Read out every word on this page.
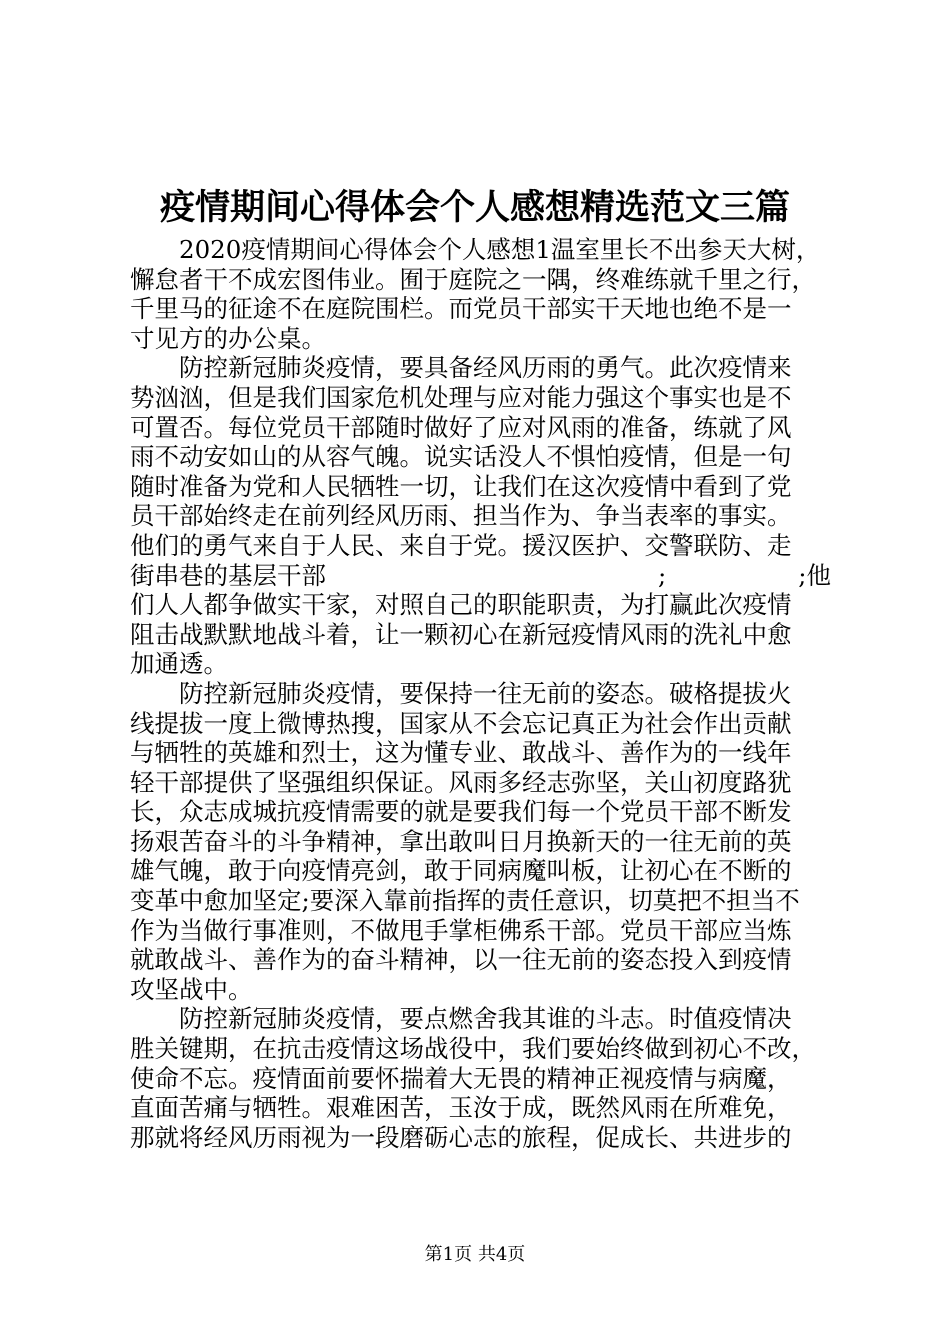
疫情期间心得体会个人感想精选范文三篇
2020疫情期间心得体会个人感想1温室里长不出参天大树，
懈怠者干不成宏图伟业。囿于庭院之一隅，终难练就千里之行，
千里马的征途不在庭院围栏。而党员干部实干天地也绝不是一
寸见方的办公桌。
防控新冠肺炎疫情，要具备经风历雨的勇气。此次疫情来
势汹汹，但是我们国家危机处理与应对能力强这个事实也是不
可置否。每位党员干部随时做好了应对风雨的准备，练就了风
雨不动安如山的从容气魄。说实话没人不惧怕疫情，但是一句
随时准备为党和人民牺牲一切，让我们在这次疫情中看到了党
员干部始终走在前列经风历雨、担当作为、争当表率的事实。
他们的勇气来自于人民、来自于党。援汉医护、交警联防、走
街串巷的基层干部	;	;他
们人人都争做实干家，对照自己的职能职责，为打赢此次疫情
阻击战默默地战斗着，让一颗初心在新冠疫情风雨的洗礼中愈
加通透。
防控新冠肺炎疫情，要保持一往无前的姿态。破格提拔火
线提拔一度上微博热搜，国家从不会忘记真正为社会作出贡献
与牺牲的英雄和烈士，这为懂专业、敢战斗、善作为的一线年
轻干部提供了坚强组织保证。风雨多经志弥坚，关山初度路犹
长，众志成城抗疫情需要的就是要我们每一个党员干部不断发
扬艰苦奋斗的斗争精神，拿出敢叫日月换新天的一往无前的英
雄气魄，敢于向疫情亮剑，敢于同病魔叫板，让初心在不断的
变革中愈加坚定;要深入靠前指挥的责任意识，切莫把不担当不
作为当做行事准则，不做甩手掌柜佛系干部。党员干部应当炼
就敢战斗、善作为的奋斗精神，以一往无前的姿态投入到疫情
攻坚战中。
防控新冠肺炎疫情，要点燃舍我其谁的斗志。时值疫情决
胜关键期，在抗击疫情这场战役中，我们要始终做到初心不改，
使命不忘。疫情面前要怀揣着大无畏的精神正视疫情与病魔，
直面苦痛与牺牲。艰难困苦，玉汝于成，既然风雨在所难免，
那就将经风历雨视为一段磨砺心志的旅程，促成长、共进步的
第1页 共4页
